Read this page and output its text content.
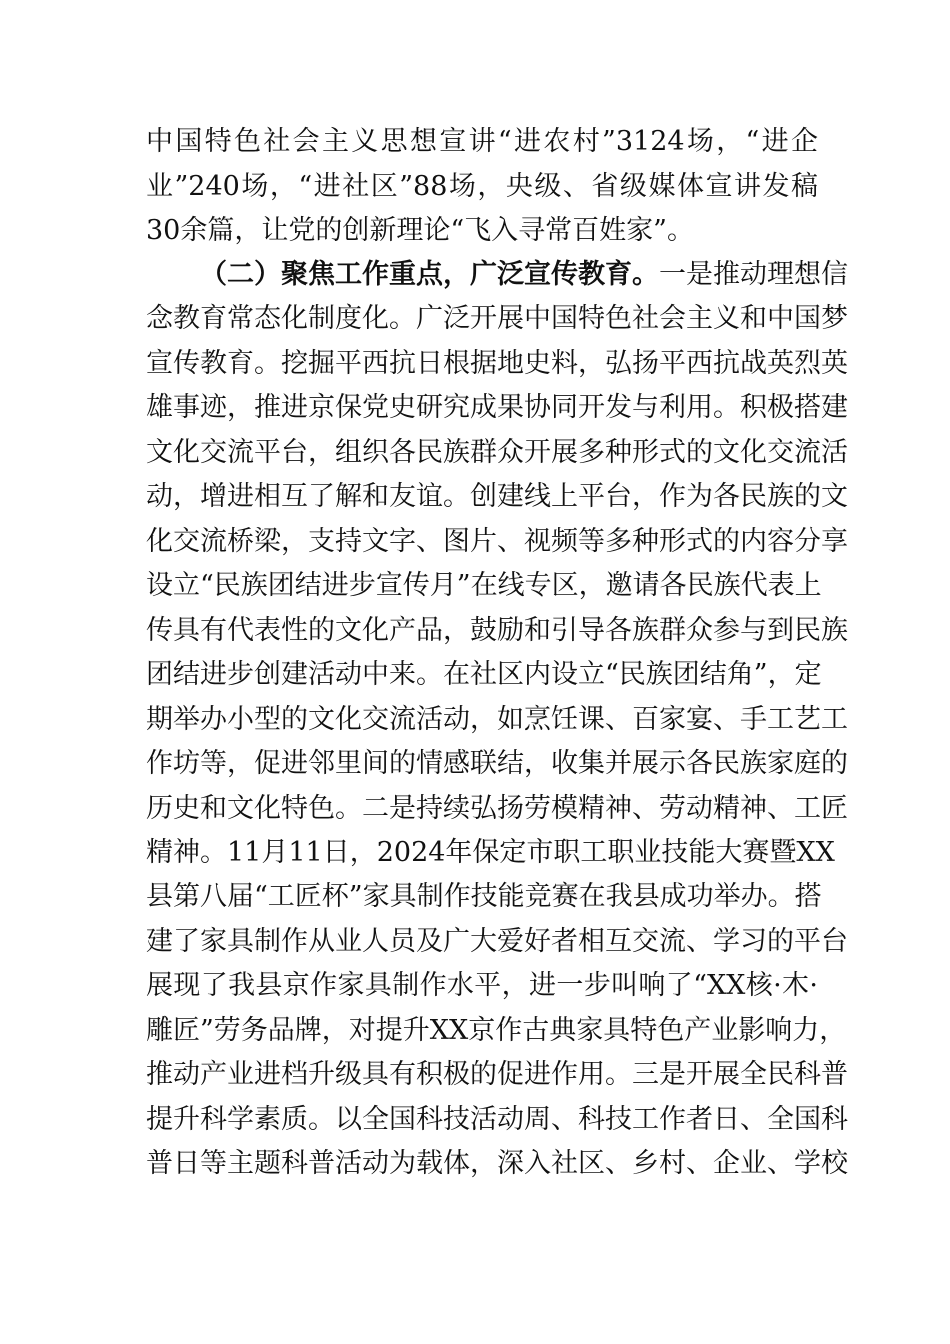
中国特色社会主义思想宣讲“进农村”3124场，“进企
业”240场，“进社区”88场，央级、省级媒体宣讲发稿
30余篇，让党的创新理论“飞入寻常百姓家”。
（二）聚焦工作重点，广泛宣传教育。一是推动理想信
念教育常态化制度化。广泛开展中国特色社会主义和中国梦
宣传教育。挖掘平西抗日根据地史料，弘扬平西抗战英烈英
雄事迹，推进京保党史研究成果协同开发与利用。积极搭建
文化交流平台，组织各民族群众开展多种形式的文化交流活
动，增进相互了解和友谊。创建线上平台，作为各民族的文
化交流桥梁，支持文字、图片、视频等多种形式的内容分享
设立“民族团结进步宣传月”在线专区，邀请各民族代表上
传具有代表性的文化产品，鼓励和引导各族群众参与到民族
团结进步创建活动中来。在社区内设立“民族团结角”，定
期举办小型的文化交流活动，如烹饪课、百家宴、手工艺工
作坊等，促进邻里间的情感联结，收集并展示各民族家庭的
历史和文化特色。二是持续弘扬劳模精神、劳动精神、工匠
精神。11月11日，2024年保定市职工职业技能大赛暨XX
县第八届“工匠杯”家具制作技能竞赛在我县成功举办。搭
建了家具制作从业人员及广大爱好者相互交流、学习的平台
展现了我县京作家具制作水平，进一步叫响了“XX核·木·
雕匠”劳务品牌，对提升XX京作古典家具特色产业影响力，
推动产业进档升级具有积极的促进作用。三是开展全民科普
提升科学素质。以全国科技活动周、科技工作者日、全国科
普日等主题科普活动为载体，深入社区、乡村、企业、学校
